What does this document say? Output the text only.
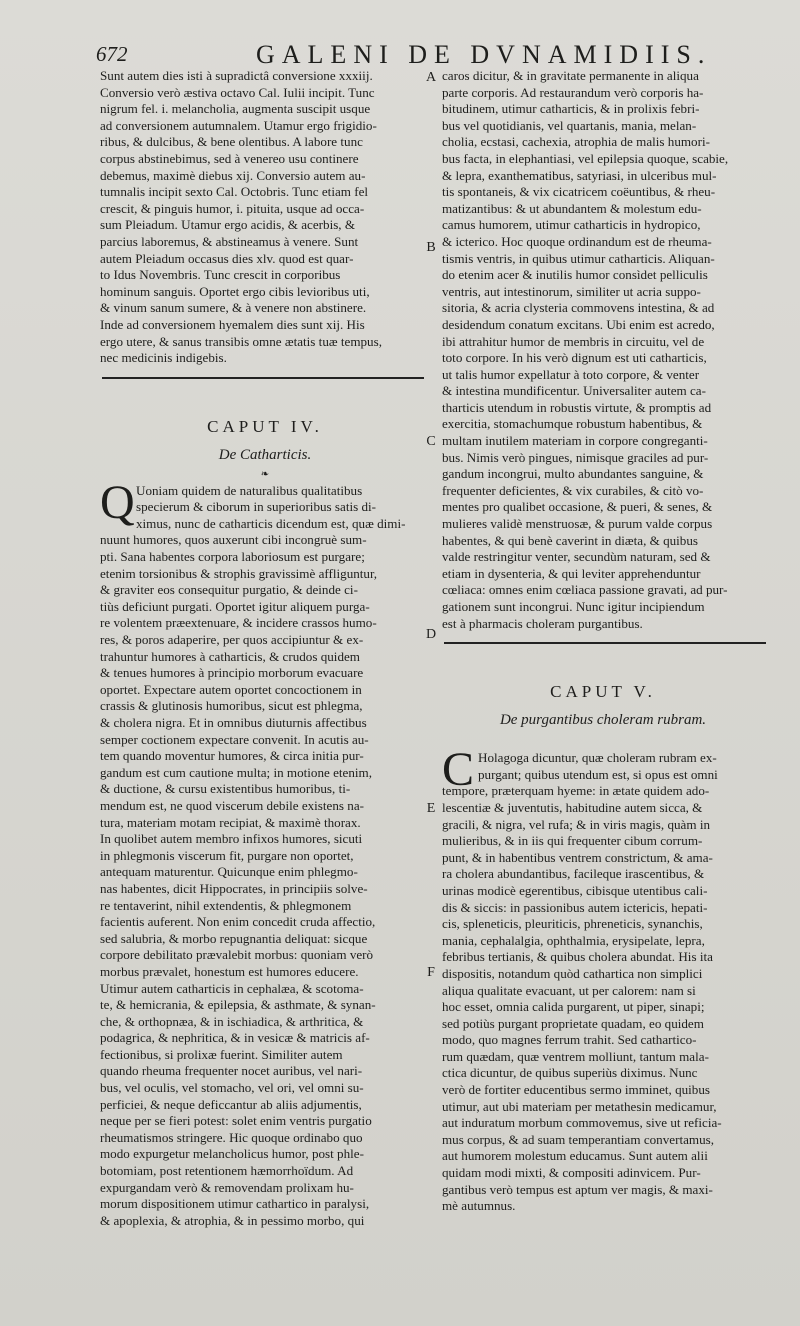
672	GALENI DE DVNAMIDIIS.
A
B
C
D
E
F
Sunt autem dies isti à supradictâ conversione xxxiij.
Conversio verò æstiva octavo Cal. Iulii incipit. Tunc
nigrum fel. i. melancholia, augmenta suscipit usque
ad conversionem autumnalem. Utamur ergo frigidio-
ribus, & dulcibus, & bene olentibus. A labore tunc
corpus abstinebimus, sed à venereo usu continere
debemus, maximè diebus xij. Conversio autem au-
tumnalis incipit sexto Cal. Octobris. Tunc etiam fel
crescit, & pinguis humor, i. pituita, usque ad occa-
sum Pleiadum. Utamur ergo acidis, & acerbis, &
parcius laboremus, & abstineamus à venere. Sunt
autem Pleiadum occasus dies xlv. quod est quar-
to Idus Novembris. Tunc crescit in corporibus
hominum sanguis. Oportet ergo cibis levioribus uti,
& vinum sanum sumere, & à venere non abstinere.
Inde ad conversionem hyemalem dies sunt xij. His
ergo utere, & sanus transibis omne ætatis tuæ tempus,
nec medicinis indigebis.
CAPUT IV.
De Catharticis.
❧
Q Uoniam quidem de naturalibus qualitatibus
specierum & ciborum in superioribus satis di-
ximus, nunc de catharticis dicendum est, quæ dimi-
nuunt humores, quos auxerunt cibi incongruè sum-
pti. Sana habentes corpora laboriosum est purgare;
etenim torsionibus & strophis gravissimè affliguntur,
& graviter eos consequitur purgatio, & deinde ci-
tiùs deficiunt purgati. Oportet igitur aliquem purga-
re volentem præextenuare, & incidere crassos humo-
res, & poros adaperire, per quos accipiuntur & ex-
trahuntur humores à catharticis, & crudos quidem
& tenues humores à principio morborum evacuare
oportet. Expectare autem oportet concoctionem in
crassis & glutinosis humoribus, sicut est phlegma,
& cholera nigra. Et in omnibus diuturnis affectibus
semper coctionem expectare convenit. In acutis au-
tem quando moventur humores, & circa initia pur-
gandum est cum cautione multa; in motione etenim,
& ductione, & cursu existentibus humoribus, ti-
mendum est, ne quod viscerum debile existens na-
tura, materiam motam recipiat, & maximè thorax.
In quolibet autem membro infixos humores, sicuti
in phlegmonis viscerum fit, purgare non oportet,
antequam maturentur. Quicunque enim phlegmo-
nas habentes, dicit Hippocrates, in principiis solve-
re tentaverint, nihil extendentis, & phlegmonem
facientis auferent. Non enim concedit cruda affectio,
sed salubria, & morbo repugnantia deliquat: sicque
corpore debilitato prævalebit morbus: quoniam verò
morbus prævalet, honestum est humores educere.
Utimur autem catharticis in cephalæa, & scotoma-
te, & hemicrania, & epilepsia, & asthmate, & synan-
che, & orthopnæa, & in ischiadica, & arthritica, &
podagrica, & nephritica, & in vesicæ & matricis af-
fectionibus, si prolixæ fuerint. Similiter autem
quando rheuma frequenter nocet auribus, vel nari-
bus, vel oculis, vel stomacho, vel ori, vel omni su-
perficiei, & neque deficcantur ab aliis adjumentis,
neque per se fieri potest: solet enim ventris purgatio
rheumatismos stringere. Hic quoque ordinabo quo
modo expurgetur melancholicus humor, post phle-
botomiam, post retentionem hæmorrhoïdum. Ad
expurgandam verò & removendam prolixam hu-
morum dispositionem utimur cathartico in paralysi,
& apoplexia, & atrophia, & in pessimo morbo, qui
caros dicitur, & in gravitate permanente in aliqua
parte corporis. Ad restaurandum verò corporis ha-
bitudinem, utimur catharticis, & in prolixis febri-
bus vel quotidianis, vel quartanis, mania, melan-
cholia, ecstasi, cachexia, atrophia de malis humori-
bus facta, in elephantiasi, vel epilepsia quoque, scabie,
& lepra, exanthematibus, satyriasi, in ulceribus mul-
tis spontaneis, & vix cicatricem coëuntibus, & rheu-
matizantibus: & ut abundantem & molestum edu-
camus humorem, utimur catharticis in hydropico,
& icterico. Hoc quoque ordinandum est de rheuma-
tismis ventris, in quibus utimur catharticis. Aliquan-
do etenim acer & inutilis humor consìdet pelliculis
ventris, aut intestinorum, similiter ut acria suppo-
sitoria, & acria clysteria commovens intestina, & ad
desidendum conatum excitans. Ubi enim est acredo,
ibi attrahitur humor de membris in circuitu, vel de
toto corpore. In his verò dignum est uti catharticis,
ut talis humor expellatur à toto corpore, & venter
& intestina mundificentur. Universaliter autem ca-
tharticis utendum in robustis virtute, & promptis ad
exercitia, stomachumque robustum habentibus, &
multam inutilem materiam in corpore congreganti-
bus. Nimis verò pingues, nimisque graciles ad pur-
gandum incongrui, multo abundantes sanguine, &
frequenter deficientes, & vix curabiles, & citò vo-
mentes pro qualibet occasione, & pueri, & senes, &
mulieres validè menstruosæ, & purum valde corpus
habentes, & qui benè caverint in diæta, & quibus
valde restringitur venter, secundùm naturam, sed &
etiam in dysenteria, & qui leviter apprehenduntur
cœliaca: omnes enim cœliaca passione gravati, ad pur-
gationem sunt incongrui. Nunc igitur incipiendum
est à pharmacis choleram purgantibus.
CAPUT V.
De purgantibus choleram rubram.
C Holagoga dicuntur, quæ choleram rubram ex-
purgant; quibus utendum est, si opus est omni
tempore, præterquam hyeme: in ætate quidem ado-
lescentiæ & juventutis, habitudine autem sicca, &
gracili, & nigra, vel rufa; & in viris magis, quàm in
mulieribus, & in iis qui frequenter cibum corrum-
punt, & in habentibus ventrem constrictum, & ama-
ra cholera abundantibus, facileque irascentibus, &
urinas modicè egerentibus, cibisque utentibus cali-
dis & siccis: in passionibus autem ictericis, hepati-
cis, spleneticis, pleuriticis, phreneticis, synanchis,
mania, cephalalgia, ophthalmia, erysipelate, lepra,
febribus tertianis, & quibus cholera abundat. His ita
dispositis, notandum quòd cathartica non simplici
aliqua qualitate evacuant, ut per calorem: nam si
hoc esset, omnia calida purgarent, ut piper, sinapi;
sed potiùs purgant proprietate quadam, eo quidem
modo, quo magnes ferrum trahit. Sed cathartico-
rum quædam, quæ ventrem molliunt, tantum mala-
ctica dicuntur, de quibus superiùs diximus. Nunc
verò de fortiter educentibus sermo imminet, quibus
utimur, aut ubi materiam per metathesin medicamur,
aut induratum morbum commovemus, sive ut reficia-
mus corpus, & ad suam temperantiam convertamus,
aut humorem molestum educamus. Sunt autem alii
quidam modi mixti, & compositi adinvicem. Pur-
gantibus verò tempus est aptum ver magis, & maxi-
mè autumnus.
